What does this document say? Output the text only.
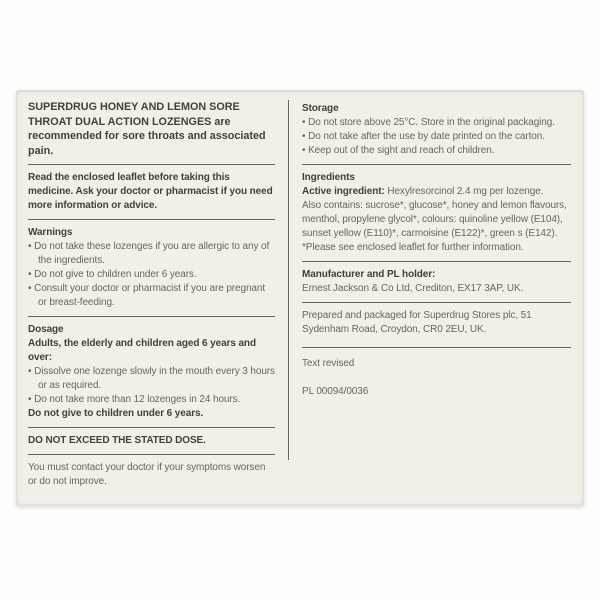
SUPERDRUG HONEY AND LEMON SORE THROAT DUAL ACTION LOZENGES are recommended for sore throats and associated pain.

Read the enclosed leaflet before taking this medicine. Ask your doctor or pharmacist if you need more information or advice.

Warnings

• Do not take these lozenges if you are allergic to any of the ingredients.

• Do not give to children under 6 years.

• Consult your doctor or pharmacist if you are pregnant or breast-feeding.

Dosage

Adults, the elderly and children aged 6 years and over:

• Dissolve one lozenge slowly in the mouth every 3 hours or as required.

• Do not take more than 12 lozenges in 24 hours.

Do not give to children under 6 years.

DO NOT EXCEED THE STATED DOSE.

You must contact your doctor if your symptoms worsen or do not improve.

Storage

• Do not store above 25°C. Store in the original packaging.

• Do not take after the use by date printed on the carton.

• Keep out of the sight and reach of children.

Ingredients

Active ingredient: Hexylresorcinol 2.4 mg per lozenge.

Also contains: sucrose*, glucose*, honey and lemon flavours, menthol, propylene glycol*, colours: quinoline yellow (E104), sunset yellow (E110)*, carmoisine (E122)*, green s (E142).

*Please see enclosed leaflet for further information.

Manufacturer and PL holder:

Ernest Jackson & Co Ltd, Crediton, EX17 3AP, UK.

Prepared and packaged for Superdrug Stores plc, 51 Sydenham Road, Croydon, CR0 2EU, UK.

Text revised

PL 00094/0036
